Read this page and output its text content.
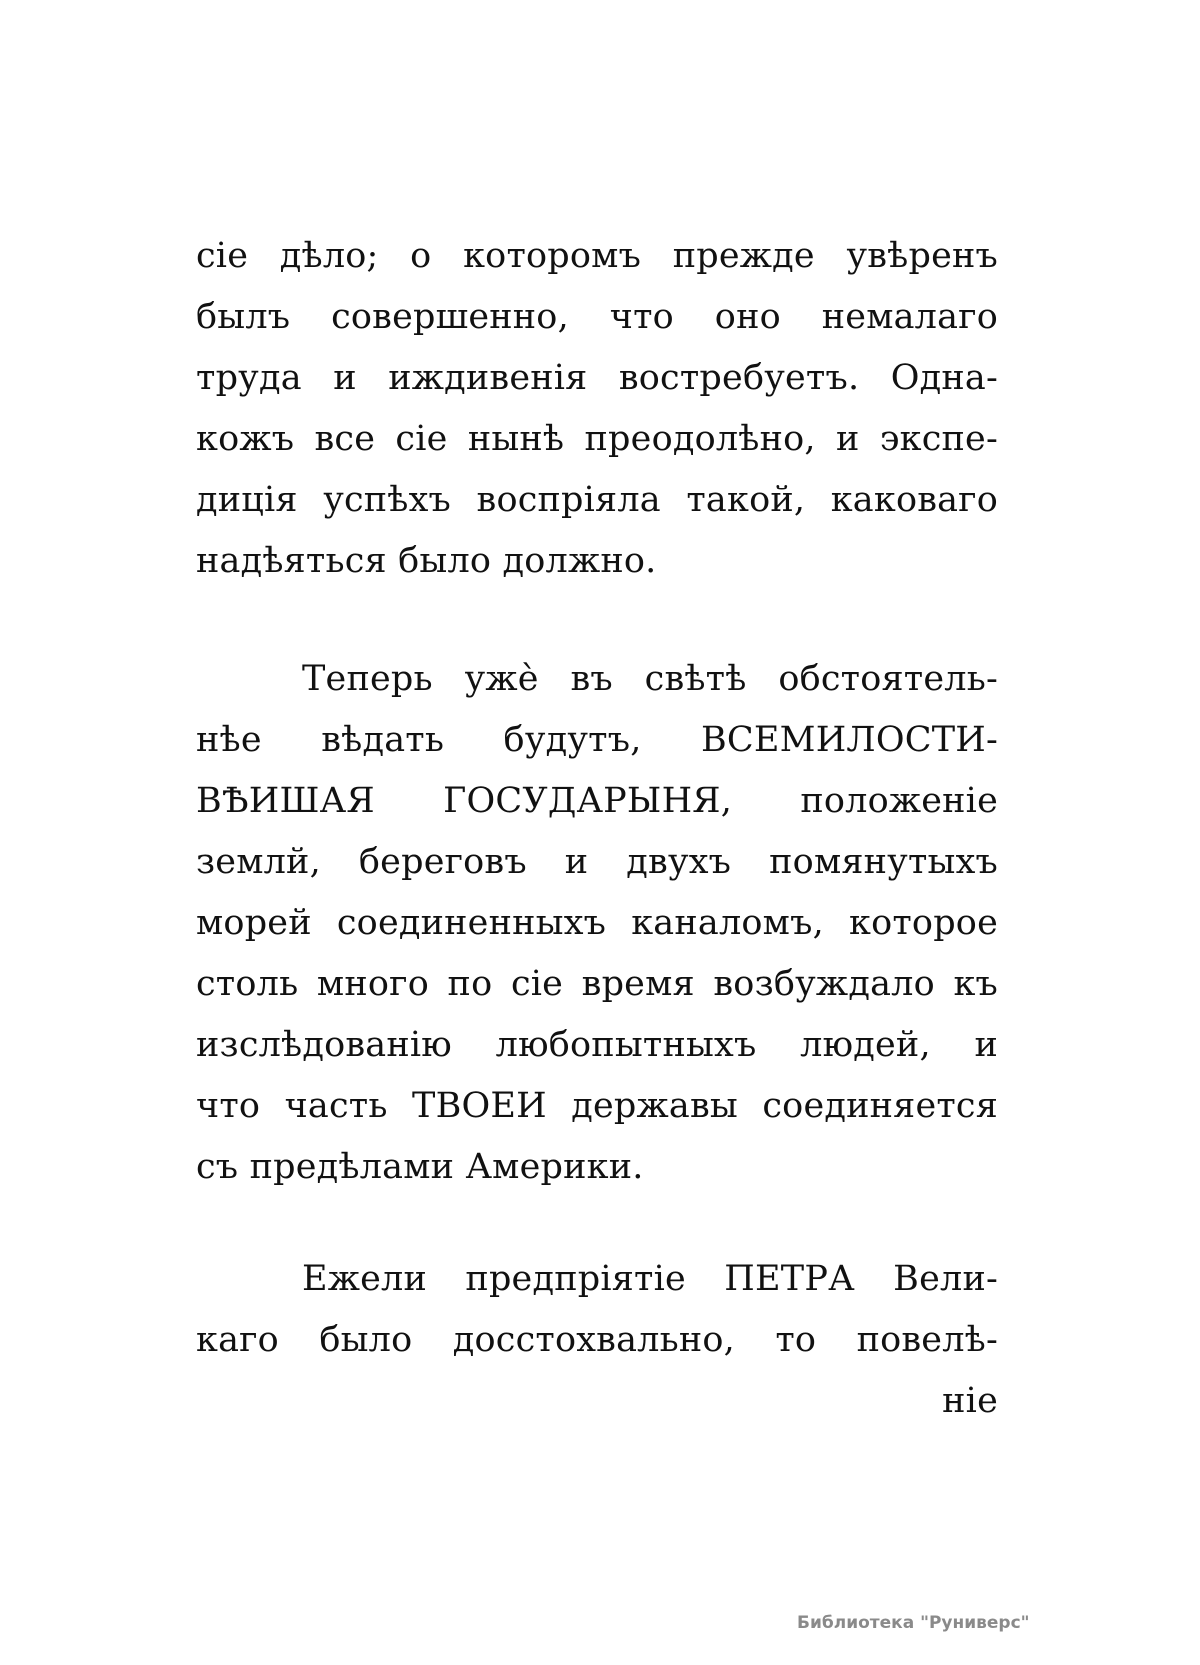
сіе дѣло; о которомъ прежде увѣренъ
былъ совершенно, что оно немалаго
труда и иждивенія востребуетъ. Одна-
кожъ все сіе нынѣ преодолѣно, и экспе-
диція успѣхъ воспріяла такой, каковаго
надѣяться было должно.
Теперь ужѐ въ свѣтѣ обстоятель-
нѣе вѣдать будутъ, ВСЕМИЛОСТИ-
ВѢИШАЯ ГОСУДАРЫНЯ, положеніе
землй, береговъ и двухъ помянутыхъ
морей соединенныхъ каналомъ, которое
столь много по сіе время возбуждало къ
изслѣдованію любопытныхъ людей, и
что часть ТВОЕИ державы соединяется
съ предѣлами Америки.
Ежели предпріятіе ПЕТРА Вели-
каго было досстохвально, то повелѣ-
ніе
Библиотека "Руниверс"
